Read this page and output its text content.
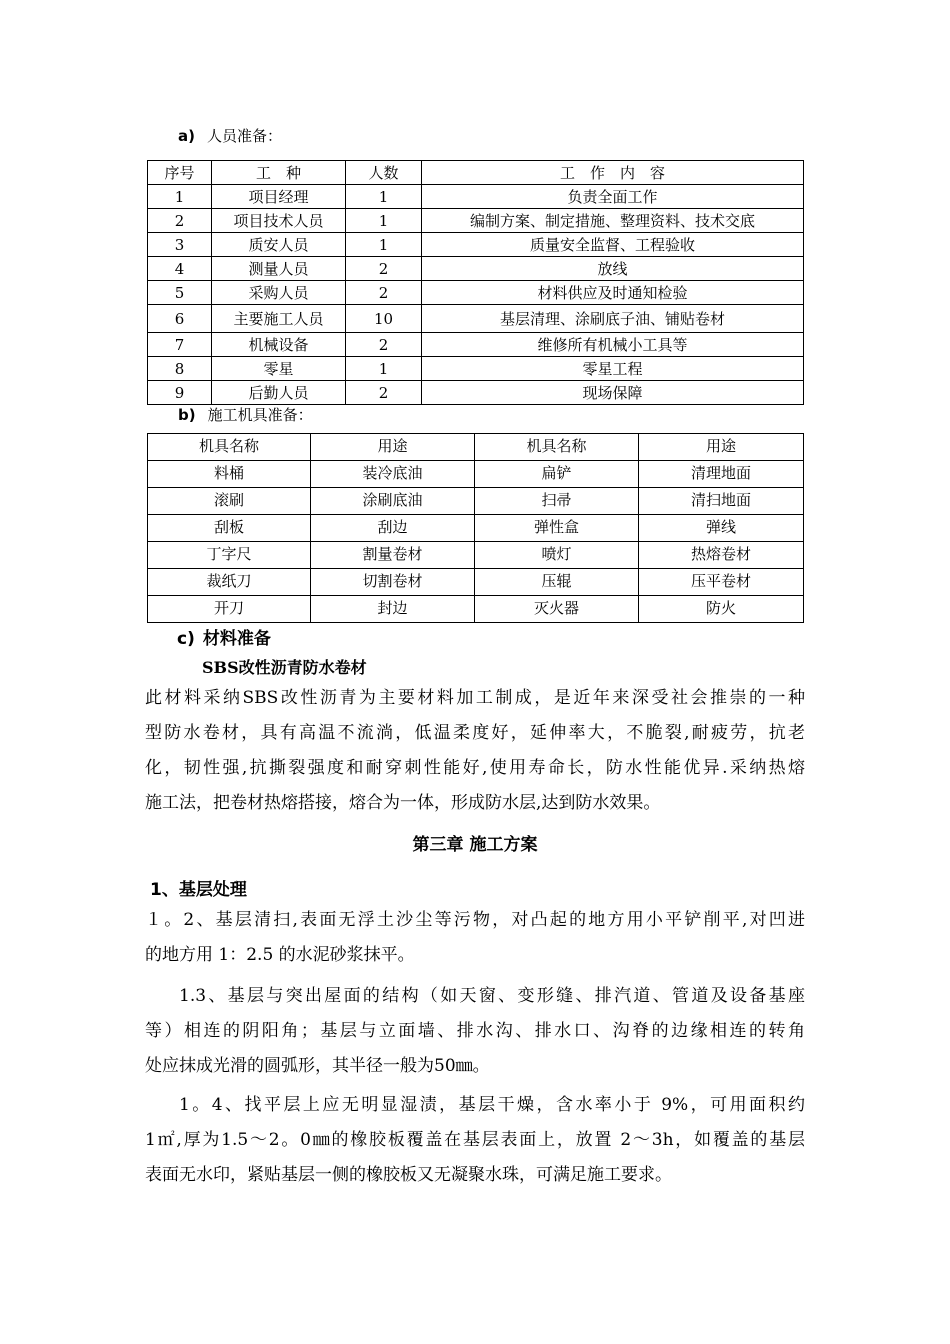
a) 人员准备：
序号	工　种	人数	工　作　内　容
1	项目经理	1	负责全面工作
2	项目技术人员	1	编制方案、制定措施、整理资料、技术交底
3	质安人员	1	质量安全监督、工程验收
4	测量人员	2	放线
5	采购人员	2	材料供应及时通知检验
6	主要施工人员	10	基层清理、涂刷底子油、铺贴卷材
7	机械设备	2	维修所有机械小工具等
8	零星	1	零星工程
9	后勤人员	2	现场保障
b) 施工机具准备：
机具名称	用途	机具名称	用途
料桶	装冷底油	扁铲	清理地面
滚刷	涂刷底油	扫帚	清扫地面
刮板	刮边	弹性盒	弹线
丁字尺	割量卷材	喷灯	热熔卷材
裁纸刀	切割卷材	压辊	压平卷材
开刀	封边	灭火器	防火
c) 材料准备
SBS改性沥青防水卷材
此材料采纳SBS改性沥青为主要材料加工制成，是近年来深受社会推崇的一种
型防水卷材，具有高温不流淌，低温柔度好，延伸率大，不脆裂,耐疲劳，抗老
化，韧性强,抗撕裂强度和耐穿刺性能好,使用寿命长，防水性能优异.采纳热熔
施工法，把卷材热熔搭接，熔合为一体，形成防水层,达到防水效果。
第三章 施工方案
1、基层处理
１。2、基层清扫,表面无浮土沙尘等污物，对凸起的地方用小平铲削平,对凹进
的地方用 1：2.5 的水泥砂浆抹平。
1.3、基层与突出屋面的结构（如天窗、变形缝、排汽道、管道及设备基座
等）相连的阴阳角；基层与立面墙、排水沟、排水口、沟脊的边缘相连的转角
处应抹成光滑的圆弧形，其半径一般为50㎜。
1。4、找平层上应无明显湿渍，基层干燥，含水率小于 9%，可用面积约
1㎡,厚为1.5～2。0㎜的橡胶板覆盖在基层表面上，放置 2～3h，如覆盖的基层
表面无水印，紧贴基层一侧的橡胶板又无凝聚水珠，可满足施工要求。
